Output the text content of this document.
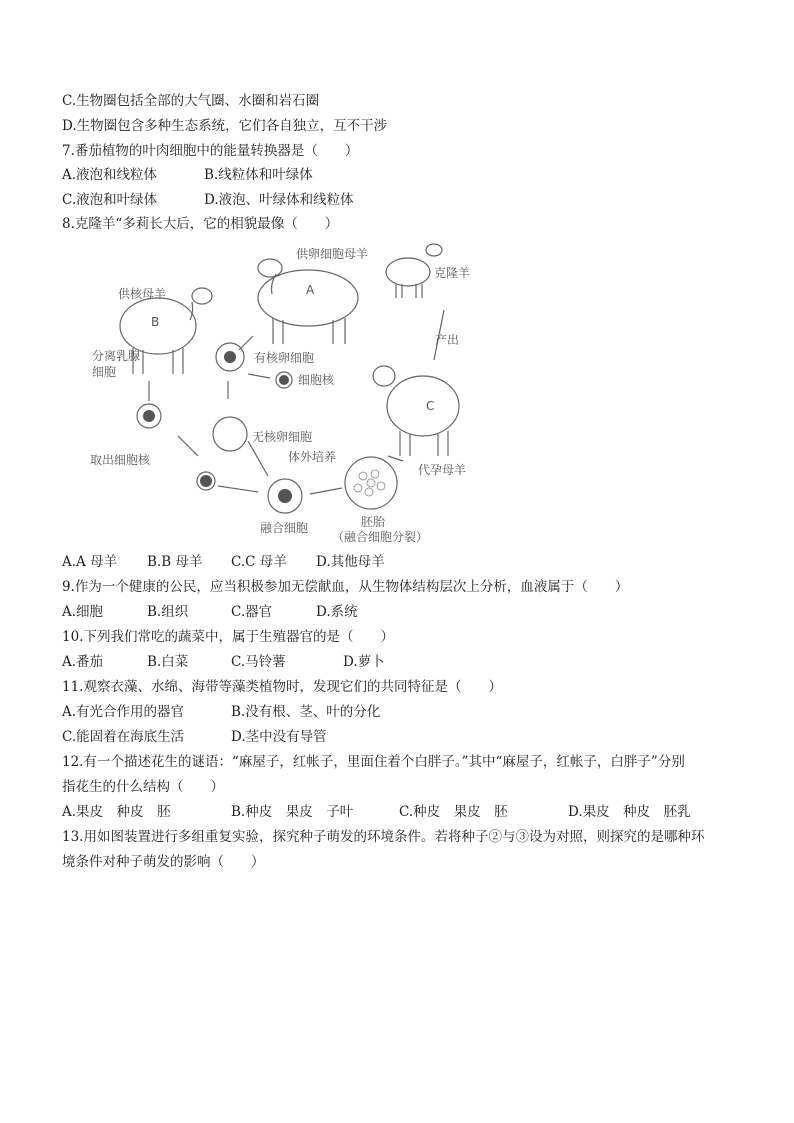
C.生物圈包括全部的大气圈、水圈和岩石圈
D.生物圈包含多种生态系统，它们各自独立，互不干涉
7.番茄植物的叶肉细胞中的能量转换器是（　　）
A.液泡和线粒体	B.线粒体和叶绿体
C.液泡和叶绿体	D.液泡、叶绿体和线粒体
8.克隆羊“多莉长大后，它的相貌最像（　　）
供卵细胞母羊
A
克隆羊
供核母羊
B
产出
有核卵细胞
细胞核
分离乳腺
细胞
C
无核卵细胞
取出细胞核	体外培养
代孕母羊
融合细胞	胚胎
（融合细胞分裂）
A.A 母羊 B.B 母羊 C.C 母羊 D.其他母羊
9.作为一个健康的公民，应当积极参加无偿献血，从生物体结构层次上分析，血液属于（　　）
A.细胞	B.组织	C.器官	D.系统
10.下列我们常吃的蔬菜中，属于生殖器官的是（　　）
A.番茄	B.白菜	C.马铃薯	D.萝卜
11.观察衣藻、水绵、海带等藻类植物时，发现它们的共同特征是（　　）
A.有光合作用的器官	B.没有根、茎、叶的分化
C.能固着在海底生活	D.茎中没有导管
12.有一个描述花生的谜语：“麻屋子，红帐子，里面住着个白胖子。”其中“麻屋子，红帐子，白胖子”分别
指花生的什么结构（　　）
A.果皮　种皮　胚	B.种皮　果皮　子叶	C.种皮　果皮　胚	D.果皮　种皮　胚乳
13.用如图装置进行多组重复实验，探究种子萌发的环境条件。若将种子②与③设为对照，则探究的是哪种环
境条件对种子萌发的影响（　　）
